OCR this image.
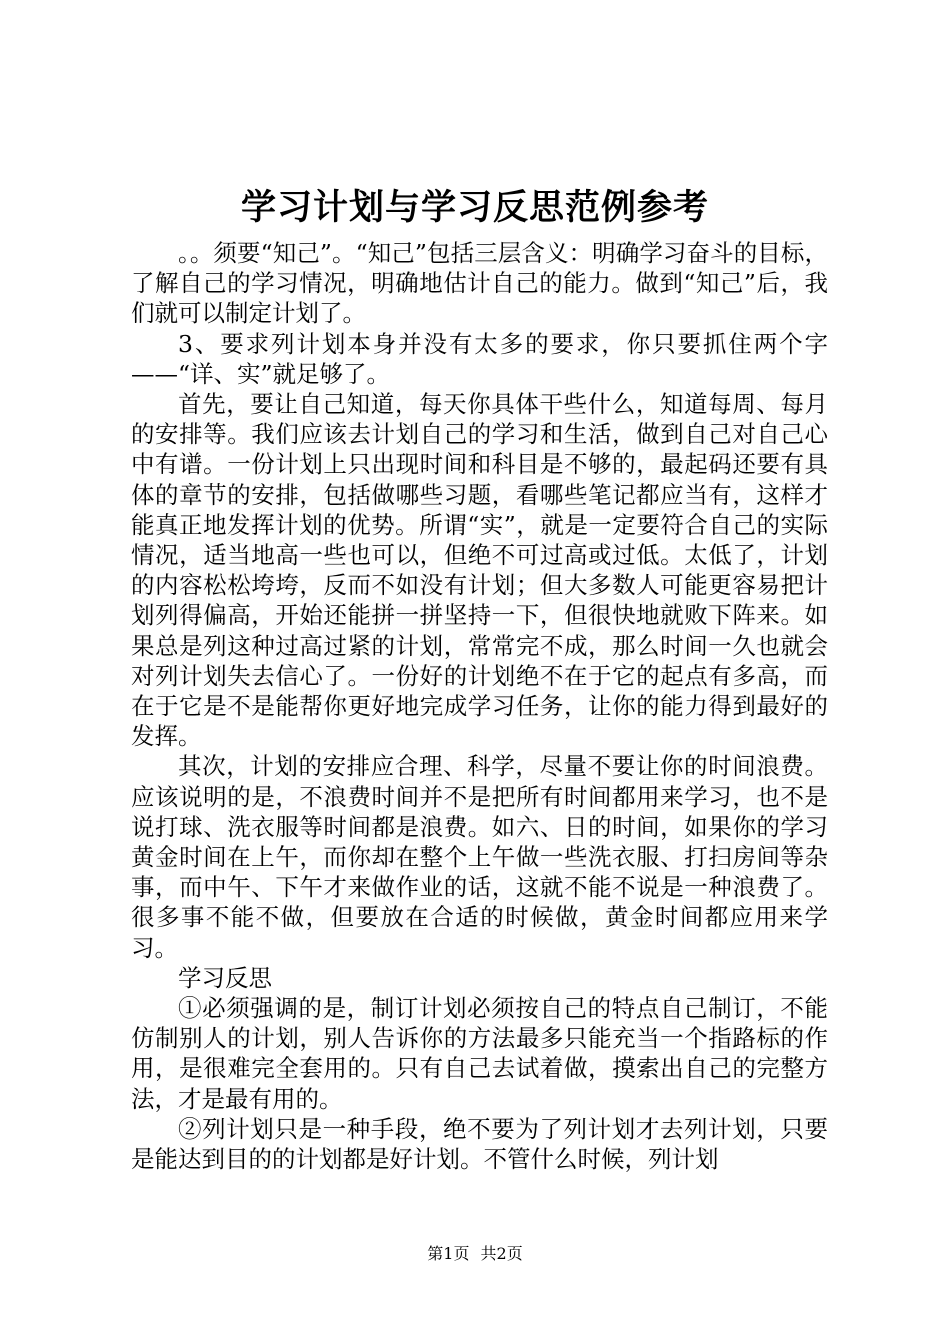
学习计划与学习反思范例参考

。。须要“知己”。“知己”包括三层含义：明确学习奋斗的目标，了解自己的学习情况，明确地估计自己的能力。做到“知己”后，我们就可以制定计划了。

3、要求列计划本身并没有太多的要求，你只要抓住两个字——“详、实”就足够了。

首先，要让自己知道，每天你具体干些什么，知道每周、每月的安排等。我们应该去计划自己的学习和生活，做到自己对自己心中有谱。一份计划上只出现时间和科目是不够的，最起码还要有具体的章节的安排，包括做哪些习题，看哪些笔记都应当有，这样才能真正地发挥计划的优势。所谓“实”，就是一定要符合自己的实际情况，适当地高一些也可以，但绝不可过高或过低。太低了，计划的内容松松垮垮，反而不如没有计划；但大多数人可能更容易把计划列得偏高，开始还能拼一拼坚持一下，但很快地就败下阵来。如果总是列这种过高过紧的计划，常常完不成，那么时间一久也就会对列计划失去信心了。一份好的计划绝不在于它的起点有多高，而在于它是不是能帮你更好地完成学习任务，让你的能力得到最好的发挥。

其次，计划的安排应合理、科学，尽量不要让你的时间浪费。应该说明的是，不浪费时间并不是把所有时间都用来学习，也不是说打球、洗衣服等时间都是浪费。如六、日的时间，如果你的学习黄金时间在上午，而你却在整个上午做一些洗衣服、打扫房间等杂事，而中午、下午才来做作业的话，这就不能不说是一种浪费了。很多事不能不做，但要放在合适的时候做，黄金时间都应用来学习。

学习反思

①必须强调的是，制订计划必须按自己的特点自己制订，不能仿制别人的计划，别人告诉你的方法最多只能充当一个指路标的作用，是很难完全套用的。只有自己去试着做，摸索出自己的完整方法，才是最有用的。

②列计划只是一种手段，绝不要为了列计划才去列计划，只要是能达到目的的计划都是好计划。不管什么时候，列计划

第1页 共2页
